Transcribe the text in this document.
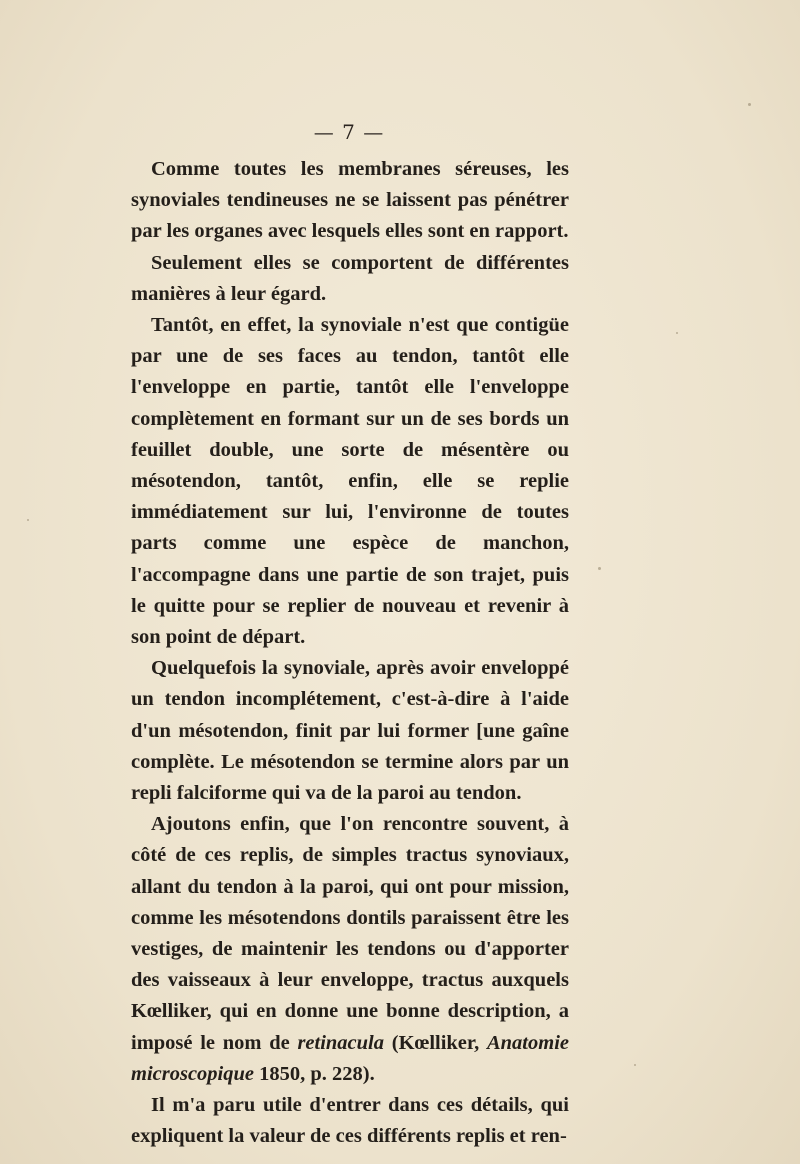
— 7 —

Comme toutes les membranes séreuses, les synoviales tendineuses ne se laissent pas pénétrer par les organes avec lesquels elles sont en rapport.

Seulement elles se comportent de différentes manières à leur égard.

Tantôt, en effet, la synoviale n'est que contigüe par une de ses faces au tendon, tantôt elle l'enveloppe en partie, tantôt elle l'enveloppe complètement en formant sur un de ses bords un feuillet double, une sorte de mésentère ou mésotendon, tantôt, enfin, elle se replie immédiatement sur lui, l'environne de toutes parts comme une espèce de manchon, l'accompagne dans une partie de son trajet, puis le quitte pour se replier de nouveau et revenir à son point de départ.

Quelquefois la synoviale, après avoir enveloppé un tendon incomplétement, c'est-à-dire à l'aide d'un mésotendon, finit par lui former [une gaîne complète. Le mésotendon se termine alors par un repli falciforme qui va de la paroi au tendon.

Ajoutons enfin, que l'on rencontre souvent, à côté de ces replis, de simples tractus synoviaux, allant du tendon à la paroi, qui ont pour mission, comme les mésotendons dontils paraissent être les vestiges, de maintenir les tendons ou d'apporter des vaisseaux à leur enveloppe, tractus auxquels Kœlliker, qui en donne une bonne description, a imposé le nom de retinacula (Kœlliker, Anatomie microscopique 1850, p. 228).

Il m'a paru utile d'entrer dans ces détails, qui expliquent la valeur de ces différents replis et ren-
